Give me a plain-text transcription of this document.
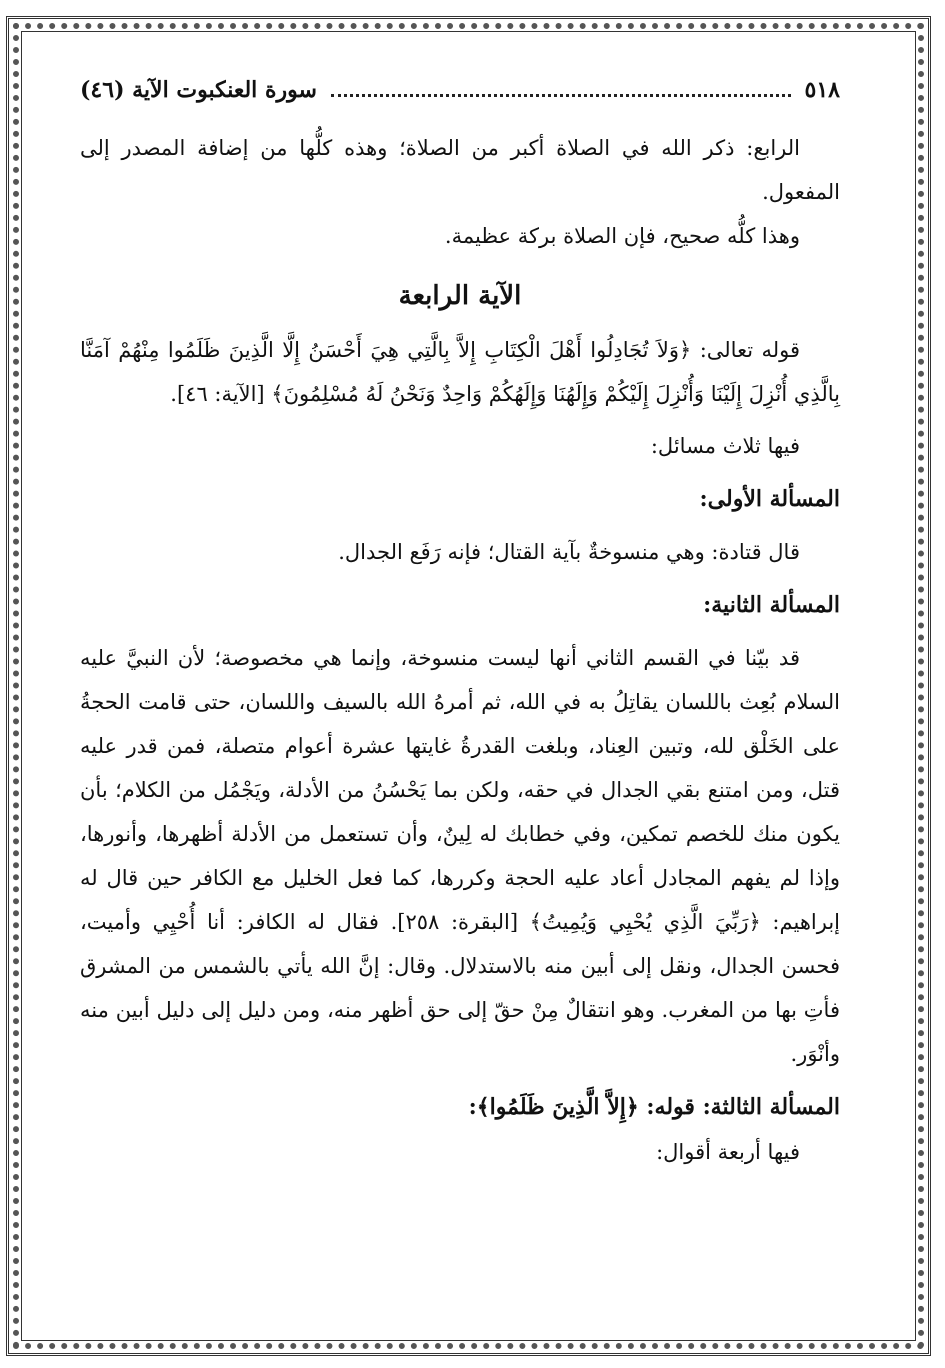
٥١٨
سورة العنكبوت الآية (٤٦)

الرابع: ذكر الله في الصلاة أكبر من الصلاة؛ وهذه كلُّها من إضافة المصدر إلى المفعول.

وهذا كلُّه صحيح، فإن الصلاة بركة عظيمة.

الآية الرابعة

قوله تعالى: ﴿وَلاَ تُجَادِلُوا أَهْلَ الْكِتَابِ إِلاَّ بِالَّتِي هِيَ أَحْسَنُ إِلَّا الَّذِينَ ظَلَمُوا مِنْهُمْ آمَنَّا بِالَّذِي أُنْزِلَ إِلَيْنَا وَأُنْزِلَ إِلَيْكُمْ وَإِلَهُنَا وَإِلَهُكُمْ وَاحِدٌ وَنَحْنُ لَهُ مُسْلِمُونَ﴾ [الآية: ٤٦].

فيها ثلاث مسائل:

المسألة الأولى:

قال قتادة: وهي منسوخةٌ بآية القتال؛ فإنه رَفَع الجدال.

المسألة الثانية:

قد بيّنا في القسم الثاني أنها ليست منسوخة، وإنما هي مخصوصة؛ لأن النبيَّ عليه السلام بُعِث باللسان يقاتِلُ به في الله، ثم أمرهُ الله بالسيف واللسان، حتى قامت الحجةُ على الخَلْق لله، وتبين العِناد، وبلغت القدرةُ غايتها عشرة أعوام متصلة، فمن قدر عليه قتل، ومن امتنع بقي الجدال في حقه، ولكن بما يَحْسُنُ من الأدلة، ويَجْمُل من الكلام؛ بأن يكون منك للخصم تمكين، وفي خطابك له لِينٌ، وأن تستعمل من الأدلة أظهرها، وأنورها، وإذا لم يفهم المجادل أعاد عليه الحجة وكررها، كما فعل الخليل مع الكافر حين قال له إبراهيم: ﴿رَبِّيَ الَّذِي يُحْيِي وَيُمِيتُ﴾ [البقرة: ٢٥٨]. فقال له الكافر: أنا أُحْيِي وأميت، فحسن الجدال، ونقل إلى أبين منه بالاستدلال. وقال: إنَّ الله يأتي بالشمس من المشرق فأتِ بها من المغرب. وهو انتقالٌ مِنْ حقّ إلى حق أظهر منه، ومن دليل إلى دليل أبين منه وأنْوَر.

المسألة الثالثة: قوله: ﴿إِلاَّ الَّذِينَ ظَلَمُوا﴾:

فيها أربعة أقوال:
